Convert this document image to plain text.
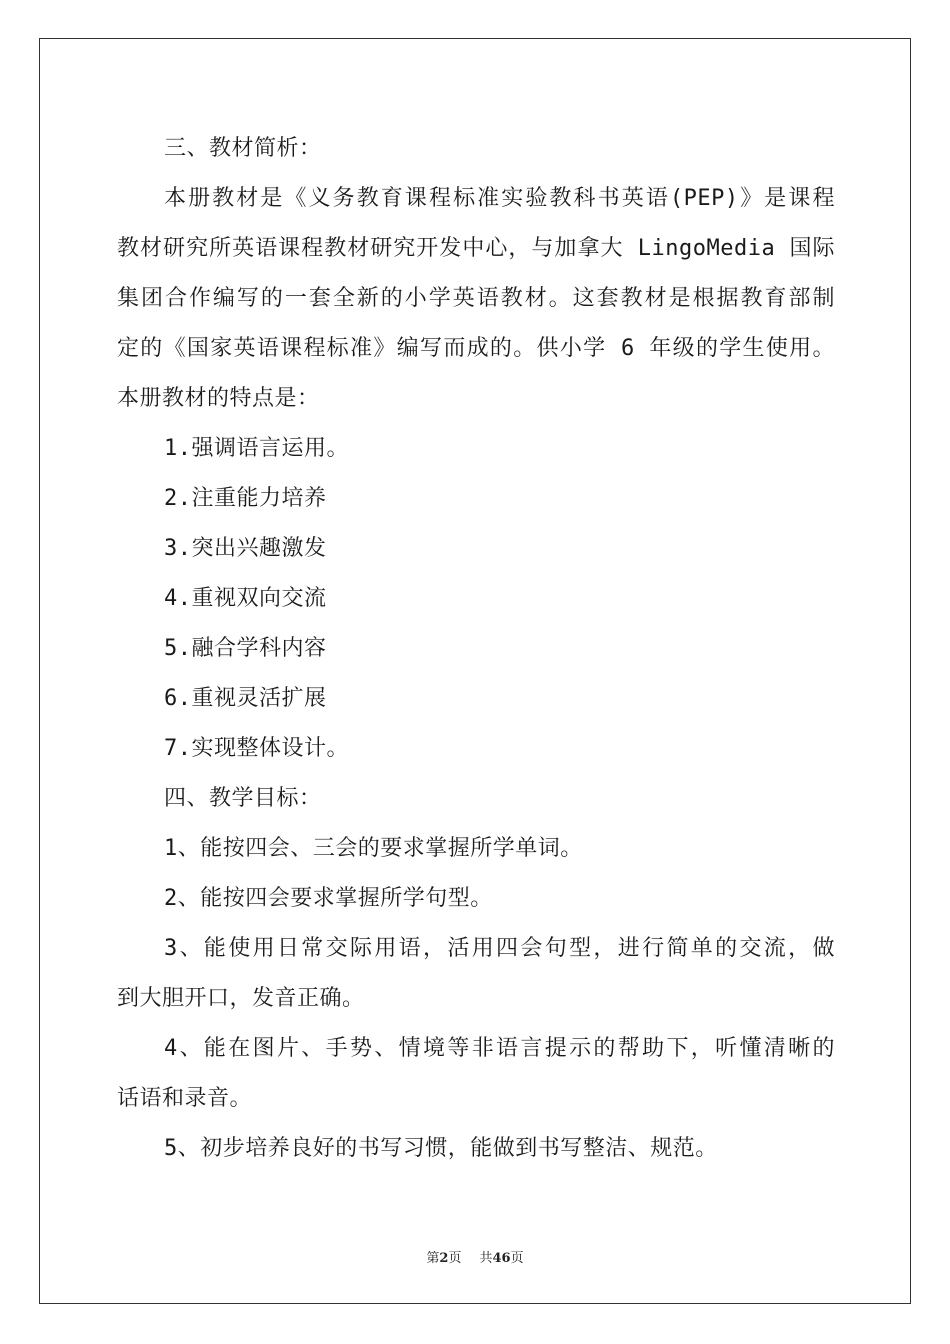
三、教材简析：
本册教材是《义务教育课程标准实验教科书英语(PEP)》是课程
教材研究所英语课程教材研究开发中心，与加拿大 LingoMedia 国际
集团合作编写的一套全新的小学英语教材。这套教材是根据教育部制
定的《国家英语课程标准》编写而成的。供小学 6 年级的学生使用。
本册教材的特点是：
1.强调语言运用。
2.注重能力培养
3.突出兴趣激发
4.重视双向交流
5.融合学科内容
6.重视灵活扩展
7.实现整体设计。
四、教学目标：
1、能按四会、三会的要求掌握所学单词。
2、能按四会要求掌握所学句型。
3、能使用日常交际用语，活用四会句型，进行简单的交流，做
到大胆开口，发音正确。
4、能在图片、手势、情境等非语言提示的帮助下，听懂清晰的
话语和录音。
5、初步培养良好的书写习惯，能做到书写整洁、规范。
第2页 共46页
